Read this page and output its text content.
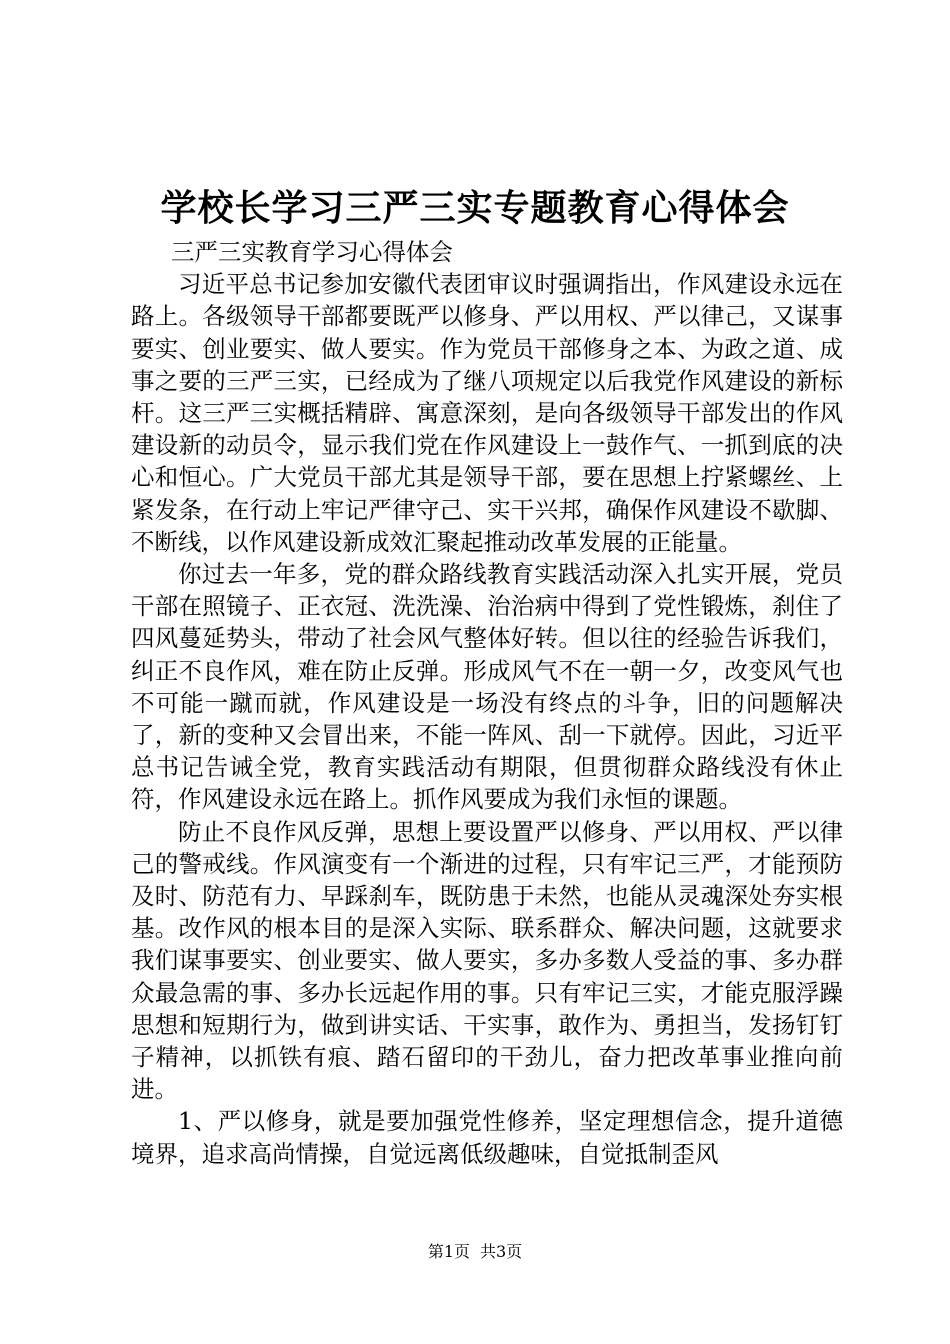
学校长学习三严三实专题教育心得体会

三严三实教育学习心得体会

习近平总书记参加安徽代表团审议时强调指出，作风建设永远在路上。各级领导干部都要既严以修身、严以用权、严以律己，又谋事要实、创业要实、做人要实。作为党员干部修身之本、为政之道、成事之要的三严三实，已经成为了继八项规定以后我党作风建设的新标杆。这三严三实概括精辟、寓意深刻，是向各级领导干部发出的作风建设新的动员令，显示我们党在作风建设上一鼓作气、一抓到底的决心和恒心。广大党员干部尤其是领导干部，要在思想上拧紧螺丝、上紧发条，在行动上牢记严律守己、实干兴邦，确保作风建设不歇脚、不断线，以作风建设新成效汇聚起推动改革发展的正能量。

你过去一年多，党的群众路线教育实践活动深入扎实开展，党员干部在照镜子、正衣冠、洗洗澡、治治病中得到了党性锻炼，刹住了四风蔓延势头，带动了社会风气整体好转。但以往的经验告诉我们，纠正不良作风，难在防止反弹。形成风气不在一朝一夕，改变风气也不可能一蹴而就，作风建设是一场没有终点的斗争，旧的问题解决了，新的变种又会冒出来，不能一阵风、刮一下就停。因此，习近平总书记告诫全党，教育实践活动有期限，但贯彻群众路线没有休止符，作风建设永远在路上。抓作风要成为我们永恒的课题。

防止不良作风反弹，思想上要设置严以修身、严以用权、严以律己的警戒线。作风演变有一个渐进的过程，只有牢记三严，才能预防及时、防范有力、早踩刹车，既防患于未然，也能从灵魂深处夯实根基。改作风的根本目的是深入实际、联系群众、解决问题，这就要求我们谋事要实、创业要实、做人要实，多办多数人受益的事、多办群众最急需的事、多办长远起作用的事。只有牢记三实，才能克服浮躁思想和短期行为，做到讲实话、干实事，敢作为、勇担当，发扬钉钉子精神，以抓铁有痕、踏石留印的干劲儿，奋力把改革事业推向前进。

1、严以修身，就是要加强党性修养，坚定理想信念，提升道德境界，追求高尚情操，自觉远离低级趣味，自觉抵制歪风

第1页 共3页
